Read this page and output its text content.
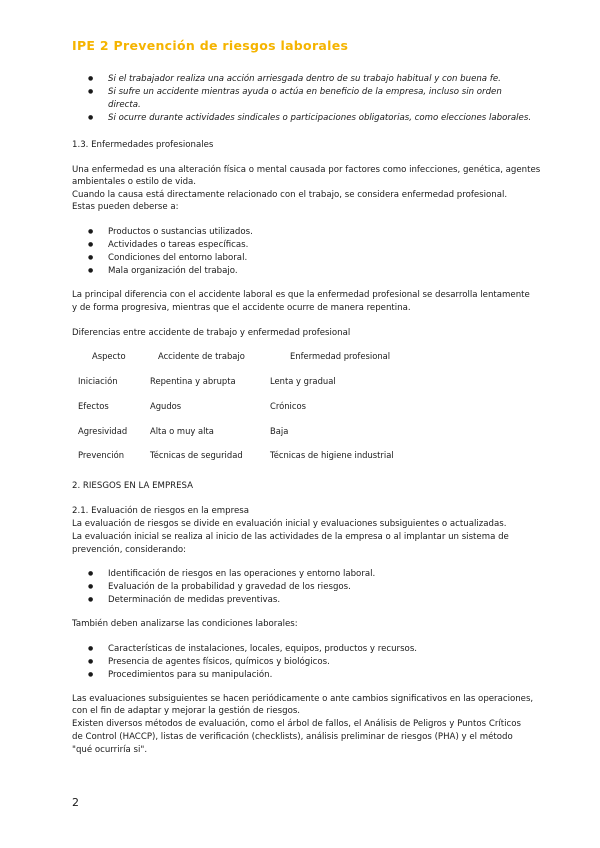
IPE 2 Prevención de riesgos laborales
● Si el trabajador realiza una acción arriesgada dentro de su trabajo habitual y con buena fe.
● Si sufre un accidente mientras ayuda o actúa en beneficio de la empresa, incluso sin orden
directa.
● Si ocurre durante actividades sindicales o participaciones obligatorias, como elecciones laborales.
1.3. Enfermedades profesionales
Una enfermedad es una alteración física o mental causada por factores como infecciones, genética, agentes
ambientales o estilo de vida.
Cuando la causa está directamente relacionado con el trabajo, se considera enfermedad profesional.
Estas pueden deberse a:
● Productos o sustancias utilizados.
● Actividades o tareas específicas.
● Condiciones del entorno laboral.
● Mala organización del trabajo.
La principal diferencia con el accidente laboral es que la enfermedad profesional se desarrolla lentamente
y de forma progresiva, mientras que el accidente ocurre de manera repentina.
Diferencias entre accidente de trabajo y enfermedad profesional
Aspecto	Accidente de trabajo	Enfermedad profesional
Iniciación	Repentina y abrupta	Lenta y gradual
Efectos	Agudos	Crónicos
Agresividad	Alta o muy alta	Baja
Prevención	Técnicas de seguridad	Técnicas de higiene industrial
2. RIESGOS EN LA EMPRESA
2.1. Evaluación de riesgos en la empresa
La evaluación de riesgos se divide en evaluación inicial y evaluaciones subsiguientes o actualizadas.
La evaluación inicial se realiza al inicio de las actividades de la empresa o al implantar un sistema de
prevención, considerando:
● Identificación de riesgos en las operaciones y entorno laboral.
● Evaluación de la probabilidad y gravedad de los riesgos.
● Determinación de medidas preventivas.
También deben analizarse las condiciones laborales:
● Características de instalaciones, locales, equipos, productos y recursos.
● Presencia de agentes físicos, químicos y biológicos.
● Procedimientos para su manipulación.
Las evaluaciones subsiguientes se hacen periódicamente o ante cambios significativos en las operaciones,
con el fin de adaptar y mejorar la gestión de riesgos.
Existen diversos métodos de evaluación, como el árbol de fallos, el Análisis de Peligros y Puntos Críticos
de Control (HACCP), listas de verificación (checklists), análisis preliminar de riesgos (PHA) y el método
"qué ocurriría si".
2
